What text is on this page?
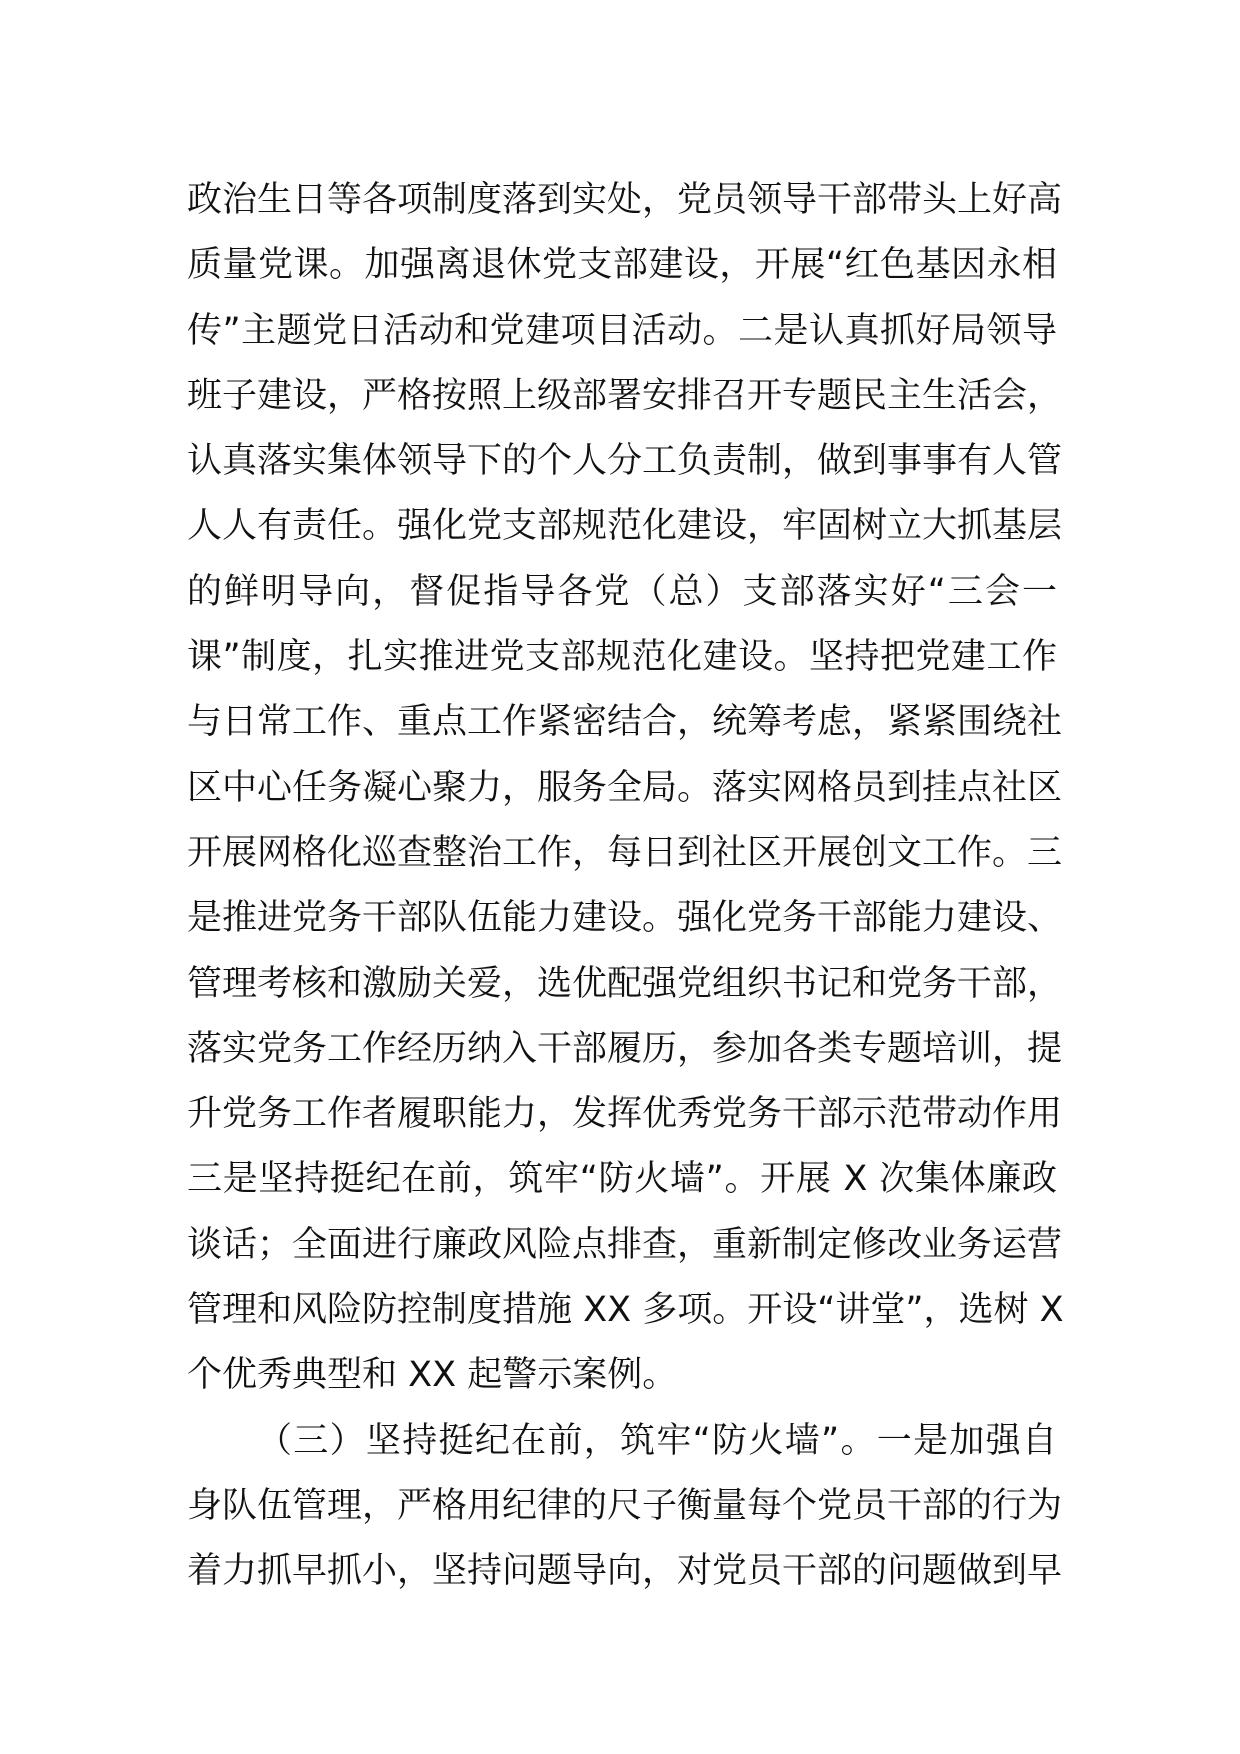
政治生日等各项制度落到实处，党员领导干部带头上好高
质量党课。加强离退休党支部建设，开展“红色基因永相
传”主题党日活动和党建项目活动。二是认真抓好局领导
班子建设，严格按照上级部署安排召开专题民主生活会，
认真落实集体领导下的个人分工负责制，做到事事有人管
人人有责任。强化党支部规范化建设，牢固树立大抓基层
的鲜明导向，督促指导各党（总）支部落实好“三会一
课”制度，扎实推进党支部规范化建设。坚持把党建工作
与日常工作、重点工作紧密结合，统筹考虑，紧紧围绕社
区中心任务凝心聚力，服务全局。落实网格员到挂点社区
开展网格化巡查整治工作，每日到社区开展创文工作。三
是推进党务干部队伍能力建设。强化党务干部能力建设、
管理考核和激励关爱，选优配强党组织书记和党务干部，
落实党务工作经历纳入干部履历，参加各类专题培训，提
升党务工作者履职能力，发挥优秀党务干部示范带动作用
三是坚持挺纪在前，筑牢“防火墙”。开展 X 次集体廉政
谈话；全面进行廉政风险点排查，重新制定修改业务运营
管理和风险防控制度措施 XX 多项。开设“讲堂”，选树 X
个优秀典型和 XX 起警示案例。
（三）坚持挺纪在前，筑牢“防火墙”。一是加强自
身队伍管理，严格用纪律的尺子衡量每个党员干部的行为
着力抓早抓小，坚持问题导向，对党员干部的问题做到早
